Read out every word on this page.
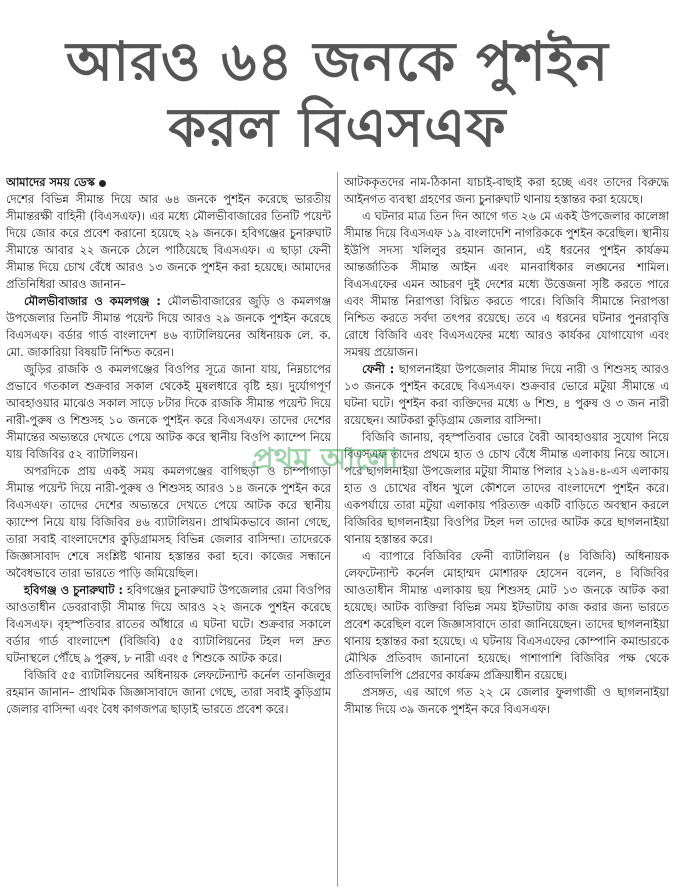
আরও ৬৪ জনকে পুশইন
করল বিএসএফ

আমাদের সময় ডেস্ক

দেশের বিভিন্ন সীমান্ত দিয়ে আর ৬৪ জনকে পুশইন করেছে ভারতীয় সীমান্তরক্ষী বাহিনী (বিএসএফ)। এর মধ্যে মৌলভীবাজারের তিনটি পয়েন্ট দিয়ে জোর করে প্রবেশ করানো হয়েছে ২৯ জনকে। হবিগঞ্জের চুনারুঘাট সীমান্তে আবার ২২ জনকে ঠেলে পাঠিয়েছে বিএসএফ। এ ছাড়া ফেনী সীমান্ত দিয়ে চোখ বেঁধে আরও ১৩ জনকে পুশইন করা হয়েছে। আমাদের প্রতিনিধিরা আরও জানান–

মৌলভীবাজার ও কমলগঞ্জ : মৌলভীবাজারের জুড়ি ও কমলগঞ্জ উপজেলার তিনটি সীমান্ত পয়েন্ট দিয়ে আরও ২৯ জনকে পুশইন করেছে বিএসএফ। বর্ডার গার্ড বাংলাদেশ ৪৬ ব্যাটালিয়নের অধিনায়ক লে. ক. মো. জাকারিয়া বিষয়টি নিশ্চিত করেন।

জুড়ির রাজকি ও কমলগঞ্জের বিওপির সূত্রে জানা যায়, নিম্নচাপের প্রভাবে গতকাল শুক্রবার সকাল থেকেই মুষলধারে বৃষ্টি হয়। দুর্যোগপূর্ণ আবহাওয়ার মাঝেও সকাল সাড়ে ৮টার দিকে রাজকি সীমান্ত পয়েন্ট দিয়ে নারী-পুরুষ ও শিশুসহ ১০ জনকে পুশইন করে বিএসএফ। তাদের দেশের সীমান্তের অভ্যন্তরে দেখতে পেয়ে আটক করে স্থানীয় বিওপি ক্যাম্পে নিয়ে যায় বিজিবির ৫২ ব্যাটালিয়ন।

অপরদিকে প্রায় একই সময় কমলগঞ্জের বাগিছড়া ও চাম্পাগাড়া সীমান্ত পয়েন্ট দিয়ে নারী-পুরুষ ও শিশুসহ আরও ১৪ জনকে পুশইন করে বিএসএফ। তাদের দেশের অভ্যন্তরে দেখতে পেয়ে আটক করে স্থানীয় ক্যাম্পে নিয়ে যায় বিজিবির ৪৬ ব্যাটালিয়ন। প্রাথমিকভাবে জানা গেছে, তারা সবাই বাংলাদেশের কুড়িগ্রামসহ বিভিন্ন জেলার বাসিন্দা। তাদেরকে জিজ্ঞাসাবাদ শেষে সংশ্লিষ্ট থানায় হস্তান্তর করা হবে। কাজের সন্ধানে অবৈধভাবে তারা ভারতে পাড়ি জমিয়েছিল।

হবিগঞ্জ ও চুনারুঘাট : হবিগঞ্জের চুনারুঘাট উপজেলার রেমা বিওপির আওতাধীন ডেবরাবাড়ী সীমান্ত দিয়ে আরও ২২ জনকে পুশইন করেছে বিএসএফ। বৃহস্পতিবার রাতের আঁধারে এ ঘটনা ঘটে। শুক্রবার সকালে বর্ডার গার্ড বাংলাদেশ (বিজিবি) ৫৫ ব্যাটালিয়নের টহল দল দ্রুত ঘটনাস্থলে পৌঁছে ৯ পুরুষ, ৮ নারী এবং ৫ শিশুকে আটক করে।

বিজিবি ৫৫ ব্যাটালিয়নের অধিনায়ক লেফটেন্যান্ট কর্নেল তানজিলুর রহমান জানান– প্রাথমিক জিজ্ঞাসাবাদে জানা গেছে, তারা সবাই কুড়িগ্রাম জেলার বাসিন্দা এবং বৈধ কাগজপত্র ছাড়াই ভারতে প্রবেশ করে।

আটককৃতদের নাম-ঠিকানা যাচাই-বাছাই করা হচ্ছে এবং তাদের বিরুদ্ধে আইনগত ব্যবস্থা গ্রহণের জন্য চুনারুঘাট থানায় হস্তান্তর করা হয়েছে।

এ ঘটনার মাত্র তিন দিন আগে গত ২৬ মে একই উপজেলার কালেঙ্গা সীমান্ত দিয়ে বিএসএফ ১৯ বাংলাদেশি নাগরিককে পুশইন করেছিল। স্থানীয় ইউপি সদস্য খলিলুর রহমান জানান, এই ধরনের পুশইন কার্যক্রম আন্তর্জাতিক সীমান্ত আইন এবং মানবাধিকার লঙ্ঘনের শামিল। বিএসএফের এমন আচরণ দুই দেশের মধ্যে উত্তেজনা সৃষ্টি করতে পারে এবং সীমান্ত নিরাপত্তা বিঘ্নিত করতে পারে। বিজিবি সীমান্তে নিরাপত্তা নিশ্চিত করতে সর্বদা তৎপর রয়েছে। তবে এ ধরনের ঘটনার পুনরাবৃত্তি রোধে বিজিবি এবং বিএসএফের মধ্যে আরও কার্যকর যোগাযোগ এবং সমন্বয় প্রয়োজন।

ফেনী : ছাগলনাইয়া উপজেলার সীমান্ত দিয়ে নারী ও শিশুসহ আরও ১৩ জনকে পুশইন করেছে বিএসএফ। শুক্রবার ভোরে মটুয়া সীমান্তে এ ঘটনা ঘটে। পুশইন করা ব্যক্তিদের মধ্যে ৬ শিশু, ৪ পুরুষ ও ৩ জন নারী রয়েছেন। আটকরা কুড়িগ্রাম জেলার বাসিন্দা।

বিজিবি জানায়, বৃহস্পতিবার ভোরে বৈরী আবহাওয়ার সুযোগ নিয়ে বিএসএফ তাদের প্রথমে হাত ও চোখ বেঁধে সীমান্ত এলাকায় নিয়ে আসে। পরে ছাগলনাইয়া উপজেলার মটুয়া সীমান্ত পিলার ২১৯৪-৪-এস এলাকায় হাত ও চোখের বাঁধন খুলে কৌশলে তাদের বাংলাদেশে পুশইন করে। একপর্যায়ে তারা মটুয়া এলাকায় পরিত্যক্ত একটি বাড়িতে অবস্থান করলে বিজিবির ছাগলনাইয়া বিওপির টহল দল তাদের আটক করে ছাগলনাইয়া থানায় হস্তান্তর করে।

এ ব্যাপারে বিজিবির ফেনী ব্যাটালিয়ন (৪ বিজিবি) অধিনায়ক লেফটেন্যান্ট কর্নেল মোহাম্মদ মোশারফ হোসেন বলেন, ৪ বিজিবির আওতাধীন সীমান্ত এলাকায় ছয় শিশুসহ মোট ১৩ জনকে আটক করা হয়েছে। আটক ব্যক্তিরা বিভিন্ন সময় ইটভাটায় কাজ করার জন্য ভারতে প্রবেশ করেছিল বলে জিজ্ঞাসাবাদে তারা জানিয়েছেন। তাদের ছাগলনাইয়া থানায় হস্তান্তর করা হয়েছে। এ ঘটনায় বিএসএফের কোম্পানি কমান্ডারকে মৌখিক প্রতিবাদ জানানো হয়েছে। পাশাপাশি বিজিবির পক্ষ থেকে প্রতিবাদলিপি প্রেরণের কার্যক্রম প্রক্রিয়াধীন রয়েছে।

প্রসঙ্গত, এর আগে গত ২২ মে জেলার ফুলগাজী ও ছাগলনাইয়া সীমান্ত দিয়ে ৩৯ জনকে পুশইন করে বিএসএফ।

প্রথম আলো
